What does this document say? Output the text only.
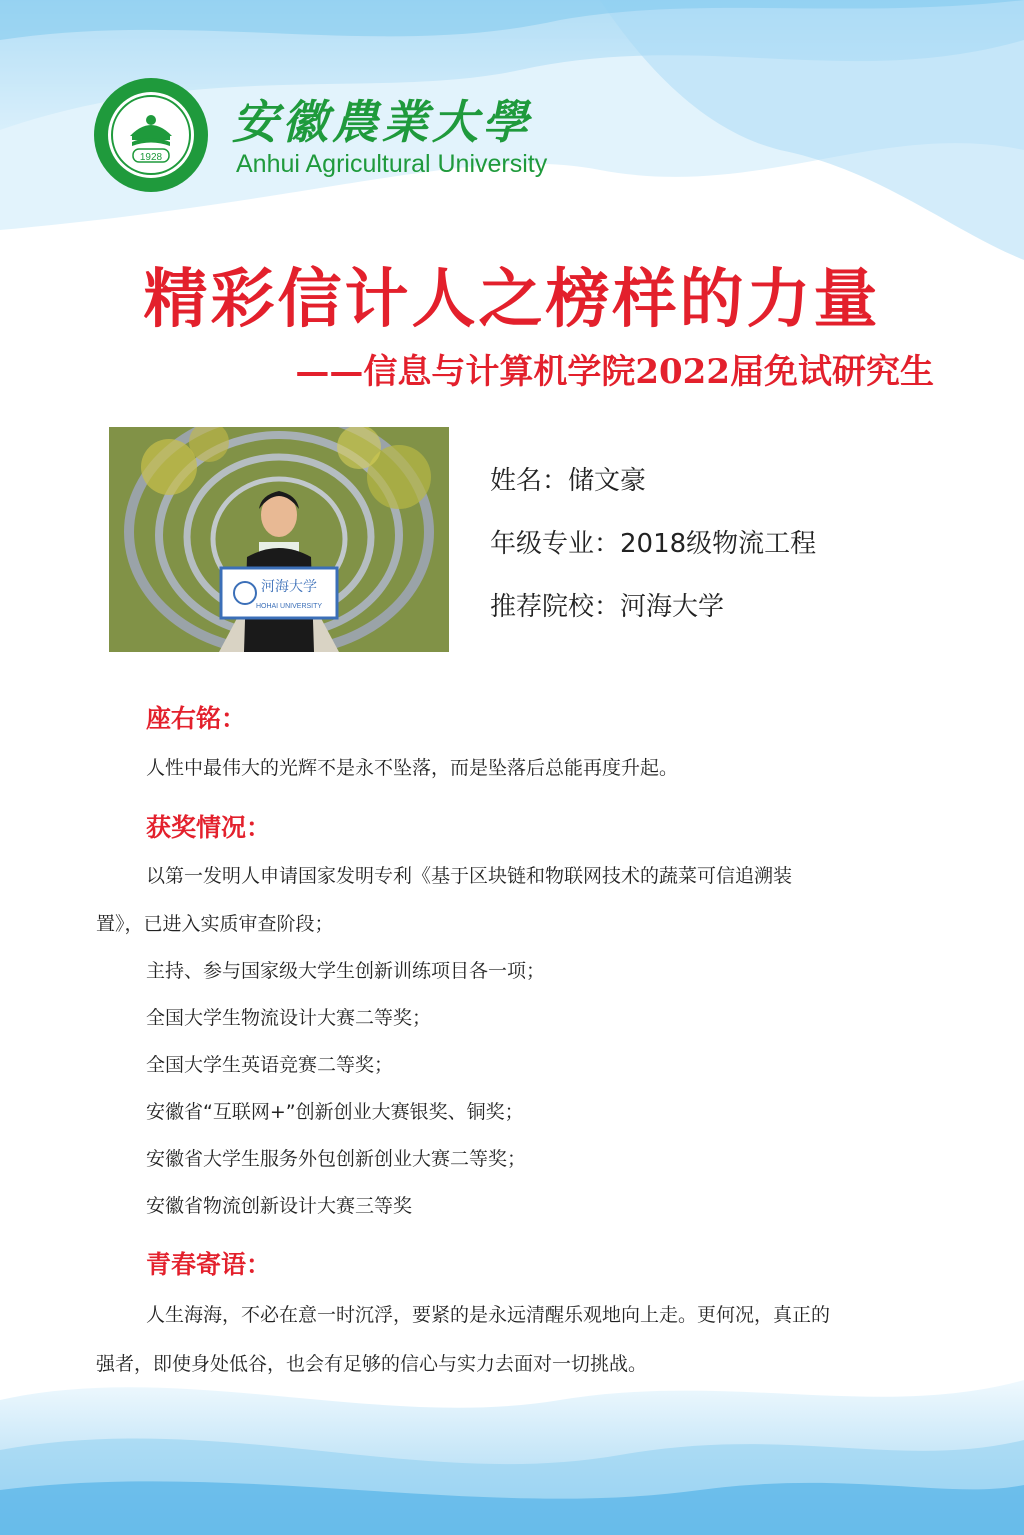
1928
安徽農業大學
Anhui Agricultural University
精彩信计人之榜样的力量
——信息与计算机学院2022届免试研究生
河海大学
HOHAI UNIVERSITY
姓名：储文豪
年级专业：2018级物流工程
推荐院校：河海大学
座右铭：
人性中最伟大的光辉不是永不坠落，而是坠落后总能再度升起。
获奖情况：
以第一发明人申请国家发明专利《基于区块链和物联网技术的蔬菜可信追溯装
置》，已进入实质审查阶段；
主持、参与国家级大学生创新训练项目各一项；
全国大学生物流设计大赛二等奖；
全国大学生英语竞赛二等奖；
安徽省“互联网+”创新创业大赛银奖、铜奖；
安徽省大学生服务外包创新创业大赛二等奖；
安徽省物流创新设计大赛三等奖
青春寄语：
人生海海，不必在意一时沉浮，要紧的是永远清醒乐观地向上走。更何况，真正的
强者，即使身处低谷，也会有足够的信心与实力去面对一切挑战。
